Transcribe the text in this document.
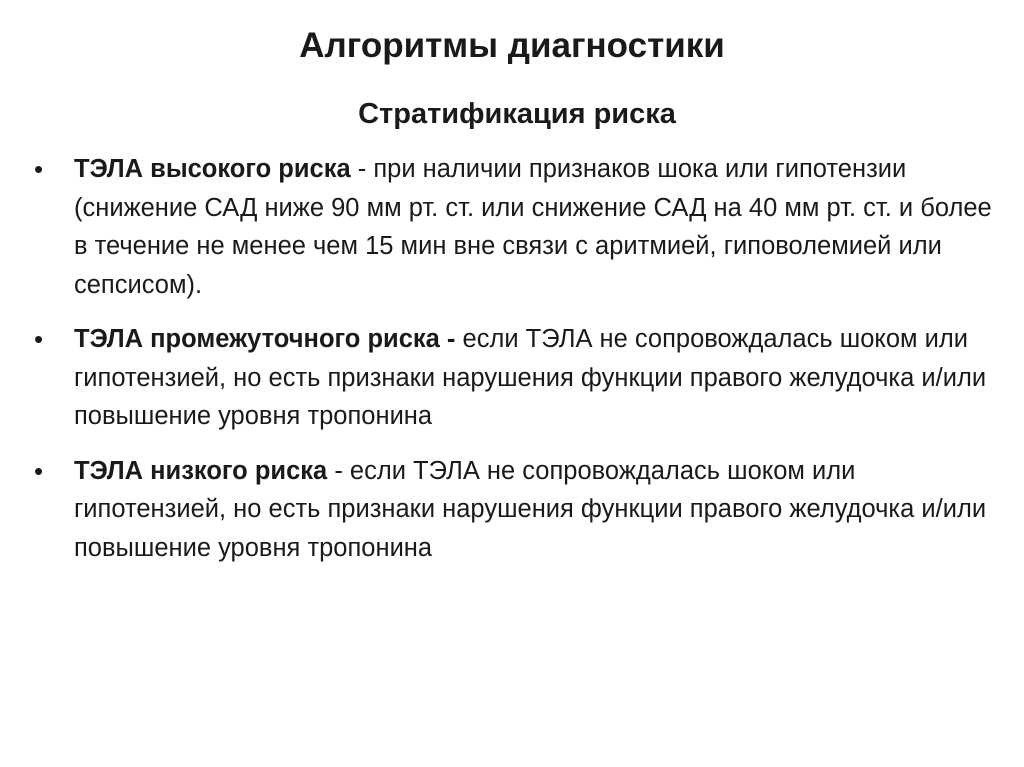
Алгоритмы диагностики
Стратификация риска
• ТЭЛА высокого риска - при наличии признаков шока или гипотензии (снижение САД ниже 90 мм рт. ст. или снижение САД на 40 мм рт. ст. и более в течение не менее чем 15 мин вне связи с аритмией, гиповолемией или сепсисом).
• ТЭЛА промежуточного риска - если ТЭЛА не сопровождалась шоком или гипотензией, но есть признаки нарушения функции правого желудочка и/или повышение уровня тропонина
• ТЭЛА низкого риска - если ТЭЛА не сопровождалась шоком или гипотензией, но есть признаки нарушения функции правого желудочка и/или повышение уровня тропонина
